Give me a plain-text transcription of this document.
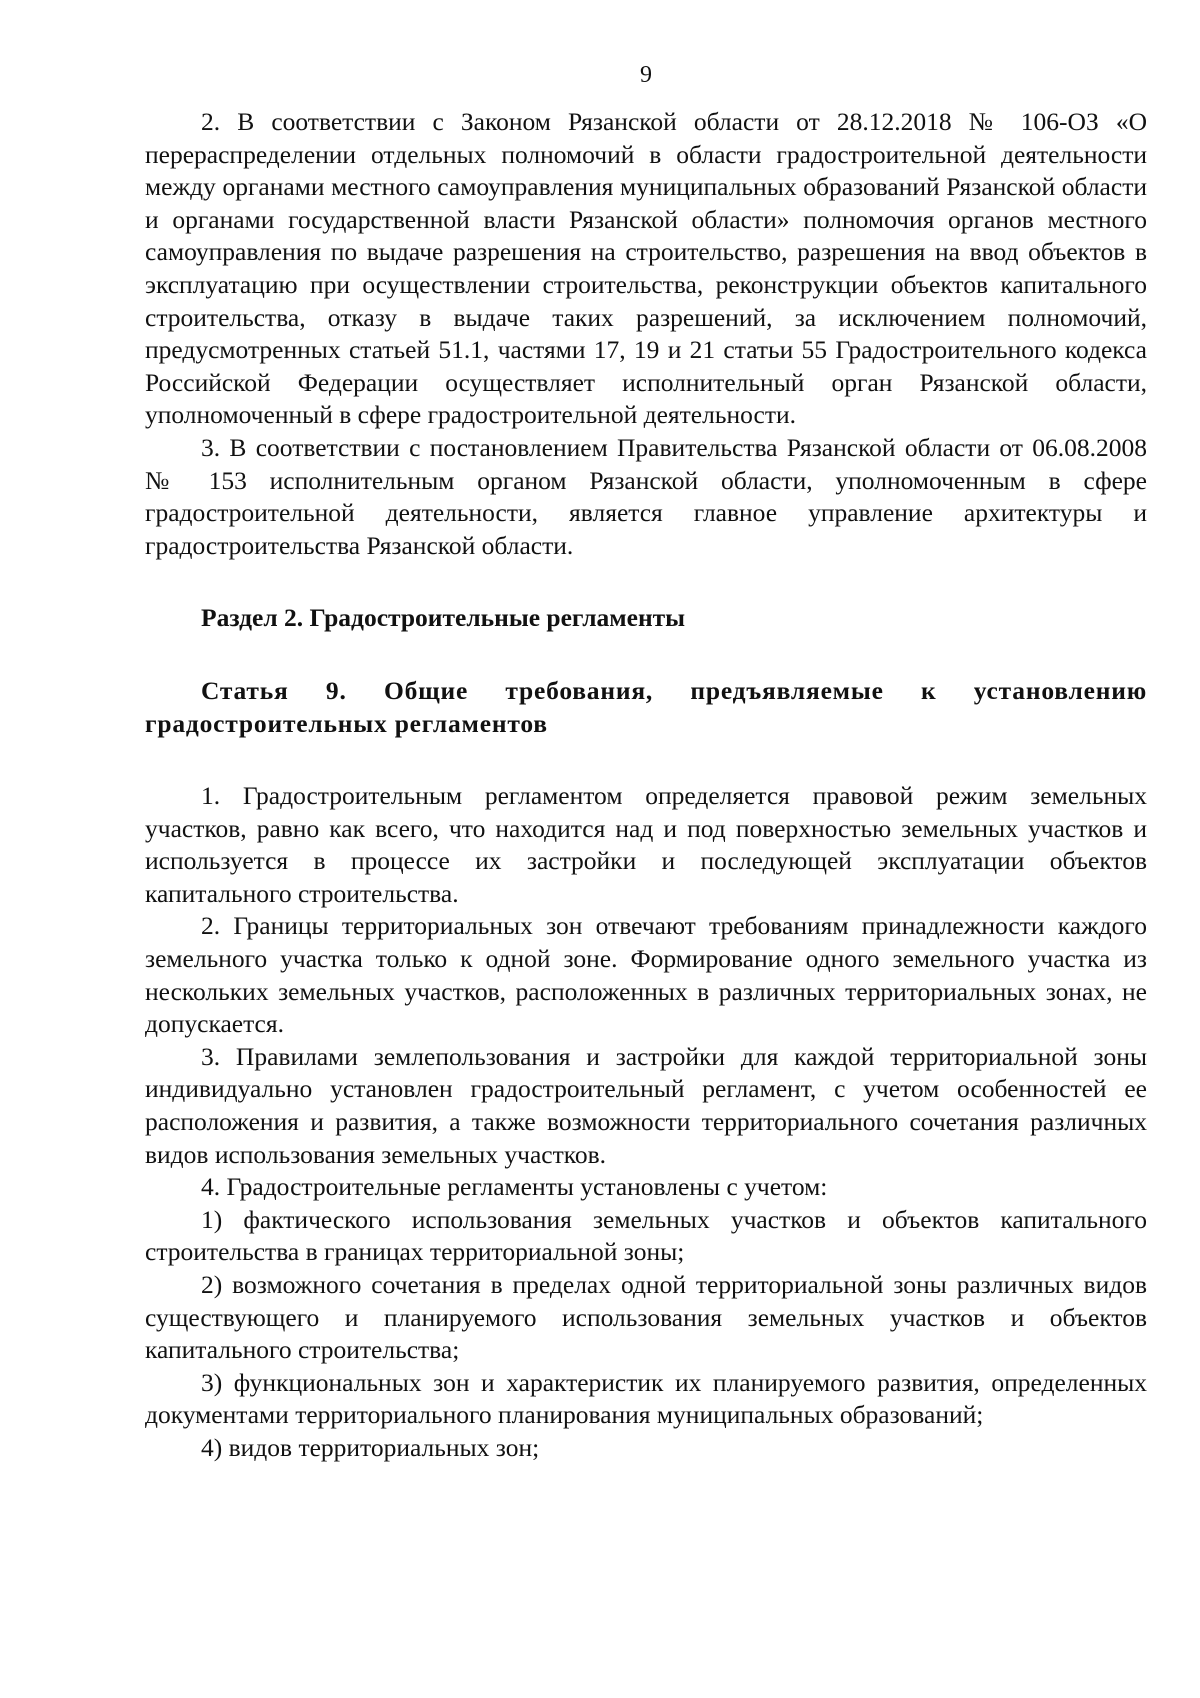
9

2. В соответствии с Законом Рязанской области от 28.12.2018 № 106-ОЗ «О перераспределении отдельных полномочий в области градостроительной деятельности между органами местного самоуправления муниципальных образований Рязанской области и органами государственной власти Рязанской области» полномочия органов местного самоуправления по выдаче разрешения на строительство, разрешения на ввод объектов в эксплуатацию при осуществлении строительства, реконструкции объектов капитального строительства, отказу в выдаче таких разрешений, за исключением полномочий, предусмотренных статьей 51.1, частями 17, 19 и 21 статьи 55 Градостроительного кодекса Российской Федерации осуществляет исполнительный орган Рязанской области, уполномоченный в сфере градостроительной деятельности.

3. В соответствии с постановлением Правительства Рязанской области от 06.08.2008 № 153 исполнительным органом Рязанской области, уполномоченным в сфере градостроительной деятельности, является главное управление архитектуры и градостроительства Рязанской области.

Раздел 2. Градостроительные регламенты
Статья 9. Общие требования, предъявляемые к установлению градостроительных регламентов

1. Градостроительным регламентом определяется правовой режим земельных участков, равно как всего, что находится над и под поверхностью земельных участков и используется в процессе их застройки и последующей эксплуатации объектов капитального строительства.

2. Границы территориальных зон отвечают требованиям принадлежности каждого земельного участка только к одной зоне. Формирование одного земельного участка из нескольких земельных участков, расположенных в различных территориальных зонах, не допускается.

3. Правилами землепользования и застройки для каждой территориальной зоны индивидуально установлен градостроительный регламент, с учетом особенностей ее расположения и развития, а также возможности территориального сочетания различных видов использования земельных участков.

4. Градостроительные регламенты установлены с учетом:

1) фактического использования земельных участков и объектов капитального строительства в границах территориальной зоны;

2) возможного сочетания в пределах одной территориальной зоны различных видов существующего и планируемого использования земельных участков и объектов капитального строительства;

3) функциональных зон и характеристик их планируемого развития, определенных документами территориального планирования муниципальных образований;

4) видов территориальных зон;
